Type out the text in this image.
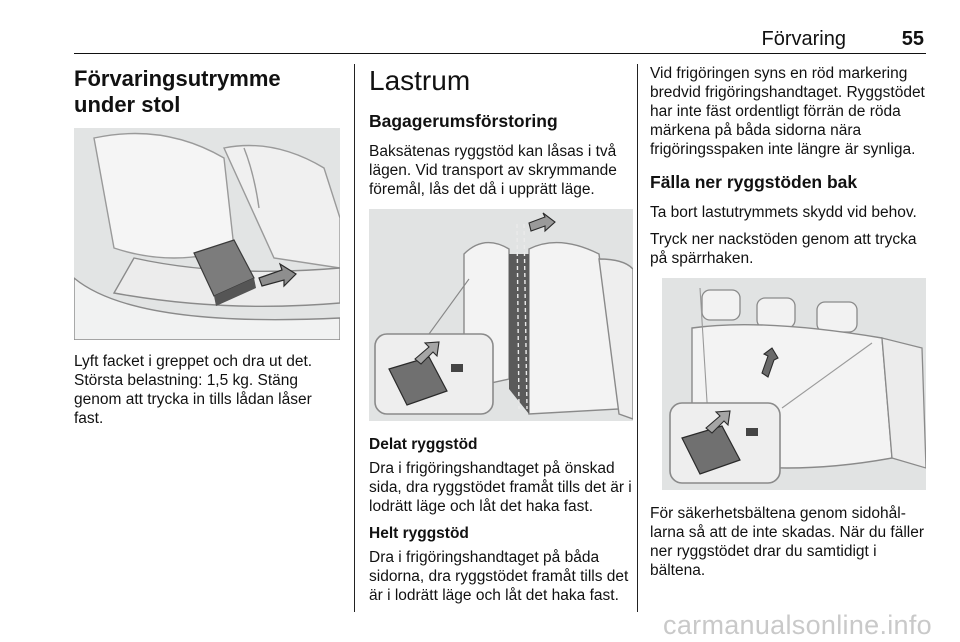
Förvaring	55
Förvaringsutrymme under stol

Lyft facket i greppet och dra ut det. Största belastning: 1,5 kg. Stäng genom att trycka in tills lådan låser fast.

Lastrum
Bagagerumsförstoring

Baksätenas ryggstöd kan låsas i två lägen. Vid transport av skrymmande föremål, lås det då i upprätt läge.

Delat ryggstöd

Dra i frigöringshandtaget på önskad sida, dra ryggstödet framåt tills det är i lodrätt läge och låt det haka fast.

Helt ryggstöd

Dra i frigöringshandtaget på båda sidorna, dra ryggstödet framåt tills det är i lodrätt läge och låt det haka fast.

Vid frigöringen syns en röd markering bredvid frigöringshandtaget. Ryggstödet har inte fäst ordentligt förrän de röda märkena på båda sidorna nära frigöringsspaken inte längre är synliga.

Fälla ner ryggstöden bak

Ta bort lastutrymmets skydd vid behov.

Tryck ner nackstöden genom att trycka på spärrhaken.

För säkerhetsbältena genom sidohållarna så att de inte skadas. När du fäller ner ryggstödet drar du samtidigt i bältena.

carmanualsonline.info
